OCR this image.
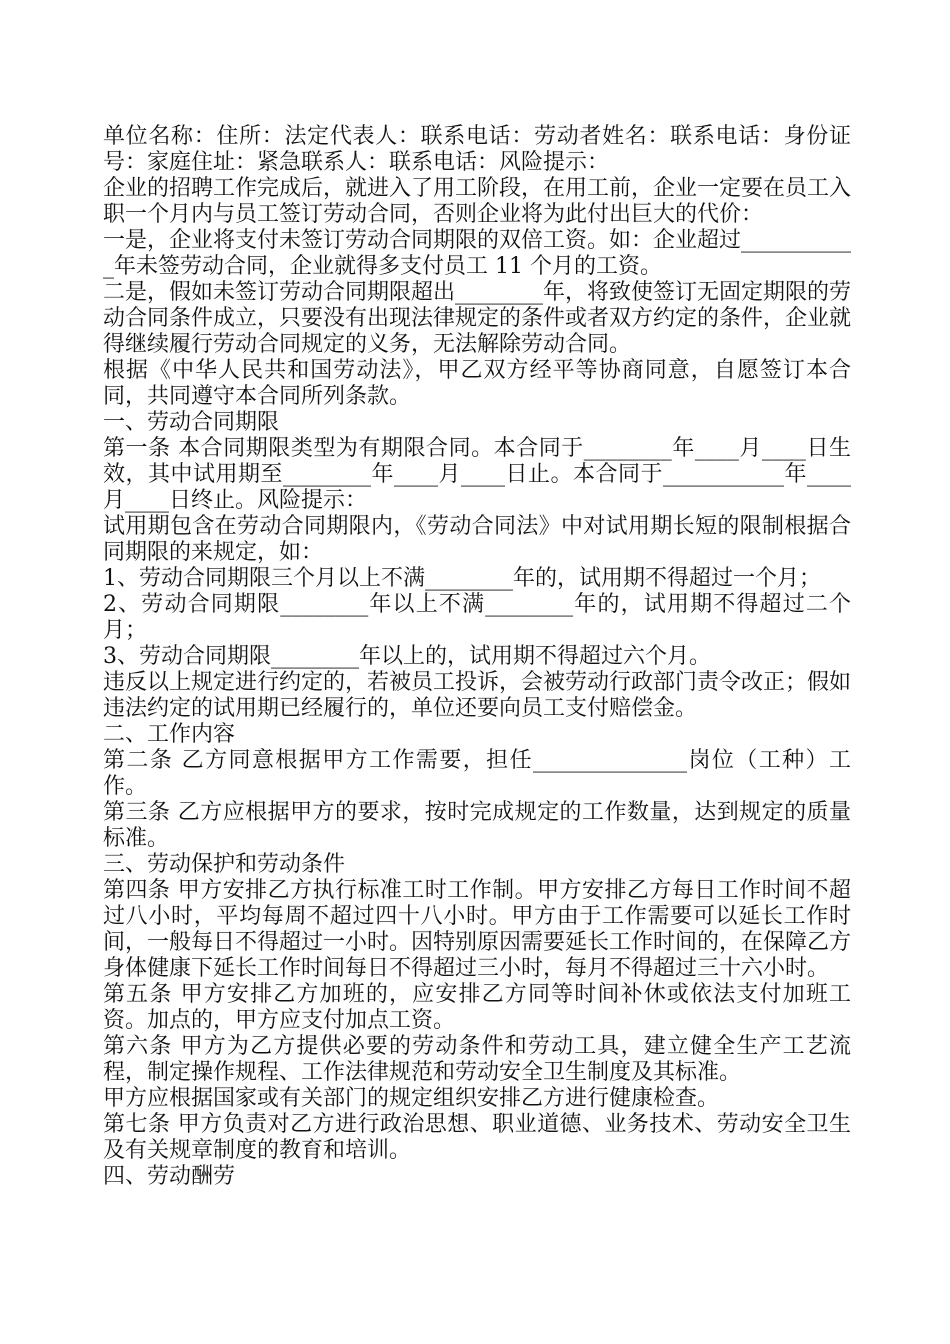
单位名称：住所：法定代表人：联系电话：劳动者姓名：联系电话：身份证号：家庭住址：紧急联系人：联系电话：风险提示：

企业的招聘工作完成后，就进入了用工阶段，在用工前，企业一定要在员工入职一个月内与员工签订劳动合同，否则企业将为此付出巨大的代价：

一是，企业将支付未签订劳动合同期限的双倍工资。如：企业超过___________年未签劳动合同，企业就得多支付员工 11 个月的工资。

二是，假如未签订劳动合同期限超出________年，将致使签订无固定期限的劳动合同条件成立，只要没有出现法律规定的条件或者双方约定的条件，企业就得继续履行劳动合同规定的义务，无法解除劳动合同。

根据《中华人民共和国劳动法》，甲乙双方经平等协商同意，自愿签订本合同，共同遵守本合同所列条款。

一、劳动合同期限

第一条 本合同期限类型为有期限合同。本合同于________年____月____日生效，其中试用期至________年____月____日止。本合同于___________年____月____日终止。风险提示：

试用期包含在劳动合同期限内，《劳动合同法》中对试用期长短的限制根据合同期限的来规定，如：

1、劳动合同期限三个月以上不满________年的，试用期不得超过一个月；

2、劳动合同期限________年以上不满________年的，试用期不得超过二个月；

3、劳动合同期限________年以上的，试用期不得超过六个月。

违反以上规定进行约定的，若被员工投诉，会被劳动行政部门责令改正；假如违法约定的试用期已经履行的，单位还要向员工支付赔偿金。

二、工作内容

第二条 乙方同意根据甲方工作需要，担任______________岗位（工种）工作。

第三条 乙方应根据甲方的要求，按时完成规定的工作数量，达到规定的质量标准。

三、劳动保护和劳动条件

第四条 甲方安排乙方执行标准工时工作制。甲方安排乙方每日工作时间不超过八小时，平均每周不超过四十八小时。甲方由于工作需要可以延长工作时间，一般每日不得超过一小时。因特别原因需要延长工作时间的，在保障乙方身体健康下延长工作时间每日不得超过三小时，每月不得超过三十六小时。

第五条 甲方安排乙方加班的，应安排乙方同等时间补休或依法支付加班工资。加点的，甲方应支付加点工资。

第六条 甲方为乙方提供必要的劳动条件和劳动工具，建立健全生产工艺流程，制定操作规程、工作法律规范和劳动安全卫生制度及其标准。

甲方应根据国家或有关部门的规定组织安排乙方进行健康检查。

第七条 甲方负责对乙方进行政治思想、职业道德、业务技术、劳动安全卫生及有关规章制度的教育和培训。

四、劳动酬劳
